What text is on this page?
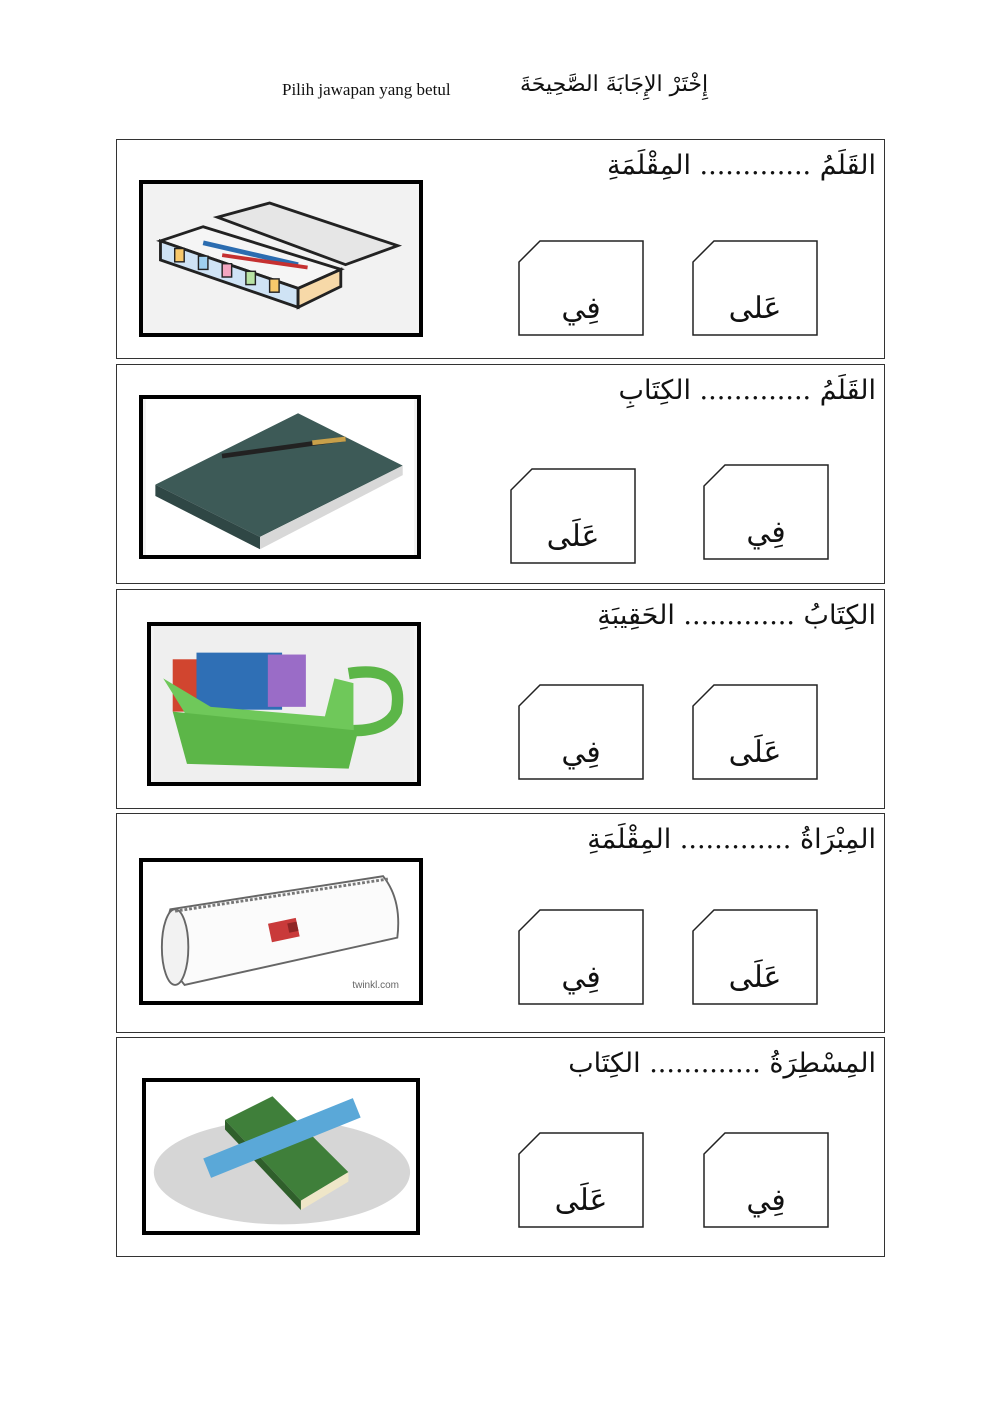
Pilih jawapan yang betul	إِخْتَرْ الإِجَابَةَ الصَّحِيحَةَ
القَلَمُ ............. المِقْلَمَةِ
عَلى
فِي
القَلَمُ ............. الكِتَابِ
فِي
عَلَى
الكِتَابُ ............. الحَقِيبَةِ
عَلَى
فِي
المِبْرَاةُ ............. المِقْلَمَةِ
twinkl.com	عَلَى
فِي
المِسْطِرَةُ ............. الكِتَاب
فِي
عَلَى
